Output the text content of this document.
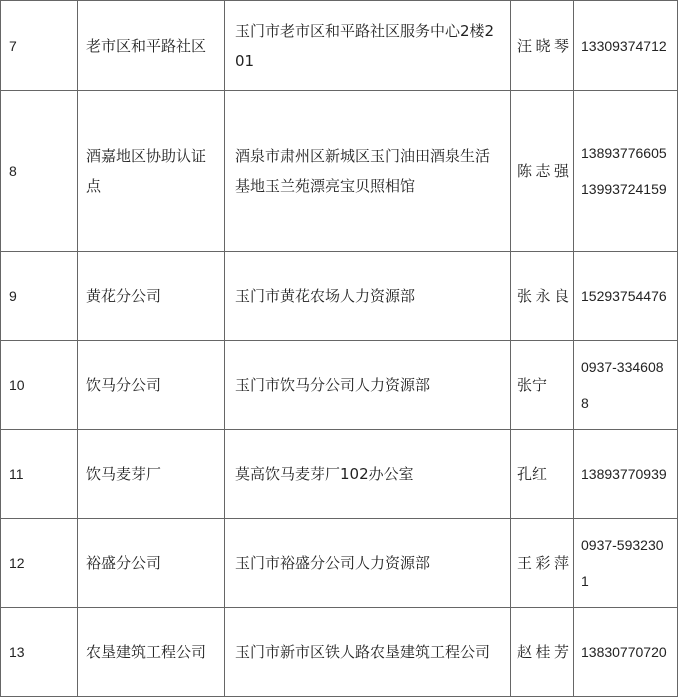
7	老市区和平路社区	玉门市老市区和平路社区服务中心2楼201	汪晓琴	13309374712

8	酒嘉地区协助认证点	酒泉市肃州区新城区玉门油田酒泉生活基地玉兰苑漂亮宝贝照相馆	陈志强	13893776605
13993724159

9	黄花分公司	玉门市黄花农场人力资源部	张永良	15293754476

10	饮马分公司	玉门市饮马分公司人力资源部	张宁	0937-3346088

11	饮马麦芽厂	莫高饮马麦芽厂102办公室	孔红	13893770939

12	裕盛分公司	玉门市裕盛分公司人力资源部	王彩萍	0937-5932301

13	农垦建筑工程公司	玉门市新市区铁人路农垦建筑工程公司	赵桂芳	13830770720
